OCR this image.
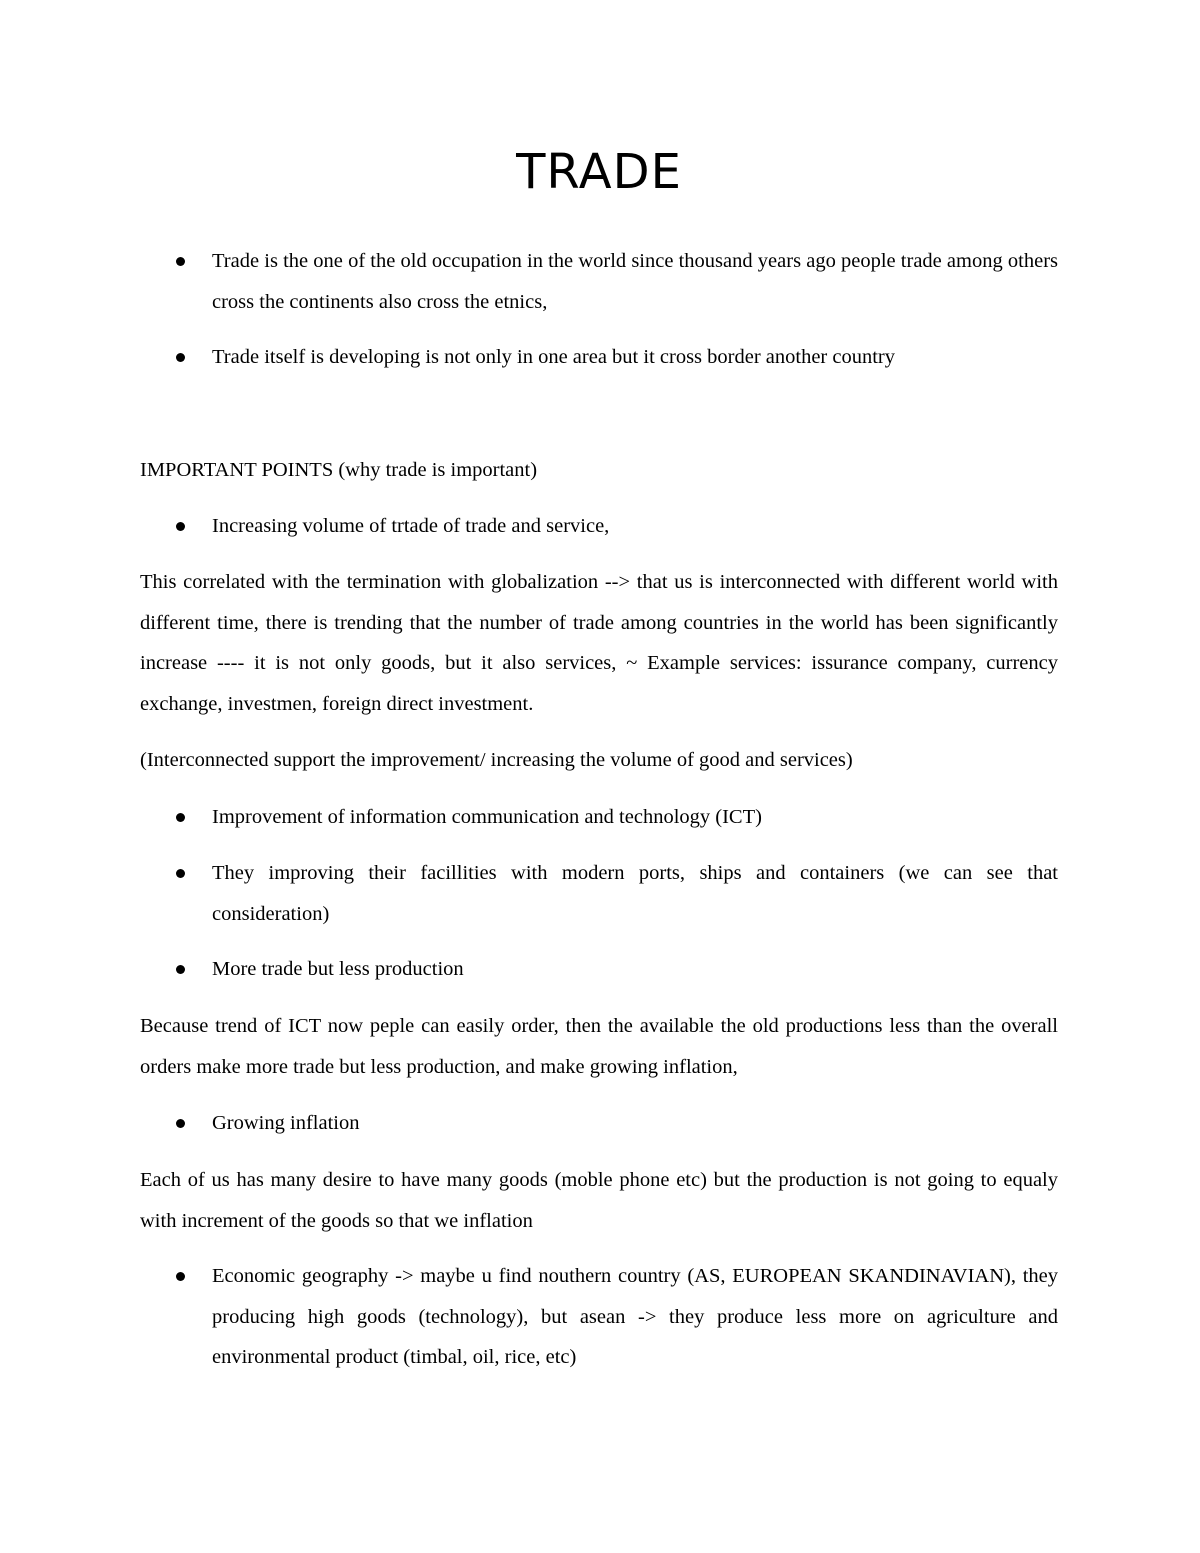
TRADE
Trade is the one of the old occupation in the world since thousand years ago people trade among others cross the continents also cross the etnics,
Trade itself is developing is not only in one area but it cross border another country

IMPORTANT POINTS (why trade is important)

Increasing volume of trtade of trade and service,

This correlated with the termination with globalization --> that us is interconnected with different world with different time, there is trending that the number of trade among countries in the world has been significantly increase ---- it is not only goods, but it also services, ~ Example services: issurance company, currency exchange, investmen, foreign direct investment.

(Interconnected support the improvement/ increasing the volume of good and services)

Improvement of information communication and technology (ICT)
They improving their facillities with modern ports, ships and containers (we can see that consideration)
More trade but less production

Because trend of ICT now peple can easily order, then the available the old productions less than the overall orders make more trade but less production, and make growing inflation,

Growing inflation

Each of us has many desire to have many goods (moble phone etc) but the production is not going to equaly with increment of the goods so that we inflation

Economic geography -> maybe u find nouthern country (AS, EUROPEAN SKANDINAVIAN), they producing high goods (technology), but asean -> they produce less more on agriculture and environmental product (timbal, oil, rice, etc)
